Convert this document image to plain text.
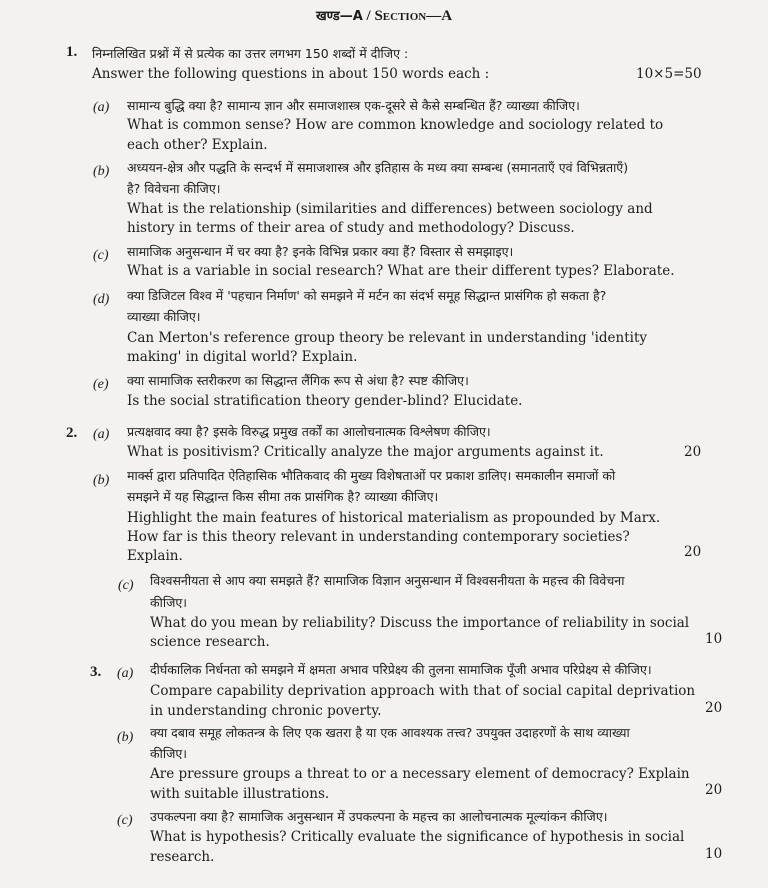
खण्ड—A / Section—A
1. निम्नलिखित प्रश्नों में से प्रत्येक का उत्तर लगभग 150 शब्दों में दीजिए :
Answer the following questions in about 150 words each :	10×5=50
(a) सामान्य बुद्धि क्या है? सामान्य ज्ञान और समाजशास्त्र एक-दूसरे से कैसे सम्बन्धित हैं? व्याख्या कीजिए।
What is common sense? How are common knowledge and sociology related to
each other? Explain.
(b) अध्ययन-क्षेत्र और पद्धति के सन्दर्भ में समाजशास्त्र और इतिहास के मध्य क्या सम्बन्ध (समानताएँ एवं विभिन्नताएँ)
है? विवेचना कीजिए।
What is the relationship (similarities and differences) between sociology and
history in terms of their area of study and methodology? Discuss.
(c) सामाजिक अनुसन्धान में चर क्या है? इनके विभिन्न प्रकार क्या हैं? विस्तार से समझाइए।
What is a variable in social research? What are their different types? Elaborate.
(d) क्या डिजिटल विश्व में 'पहचान निर्माण' को समझने में मर्टन का संदर्भ समूह सिद्धान्त प्रासंगिक हो सकता है?
व्याख्या कीजिए।
Can Merton's reference group theory be relevant in understanding 'identity
making' in digital world? Explain.
(e) क्या सामाजिक स्तरीकरण का सिद्धान्त लैंगिक रूप से अंधा है? स्पष्ट कीजिए।
Is the social stratification theory gender-blind? Elucidate.
2. (a) प्रत्यक्षवाद क्या है? इसके विरुद्ध प्रमुख तर्कों का आलोचनात्मक विश्लेषण कीजिए।
What is positivism? Critically analyze the major arguments against it.	20
(b) मार्क्स द्वारा प्रतिपादित ऐतिहासिक भौतिकवाद की मुख्य विशेषताओं पर प्रकाश डालिए। समकालीन समाजों को
समझने में यह सिद्धान्त किस सीमा तक प्रासंगिक है? व्याख्या कीजिए।
Highlight the main features of historical materialism as propounded by Marx.
How far is this theory relevant in understanding contemporary societies?
Explain.	20
(c) विश्वसनीयता से आप क्या समझते हैं? सामाजिक विज्ञान अनुसन्धान में विश्वसनीयता के महत्त्व की विवेचना
कीजिए।
What do you mean by reliability? Discuss the importance of reliability in social
science research.	10
3. (a) दीर्घकालिक निर्धनता को समझने में क्षमता अभाव परिप्रेक्ष्य की तुलना सामाजिक पूँजी अभाव परिप्रेक्ष्य से कीजिए।
Compare capability deprivation approach with that of social capital deprivation
in understanding chronic poverty.	20
(b) क्या दबाव समूह लोकतन्त्र के लिए एक खतरा है या एक आवश्यक तत्त्व? उपयुक्त उदाहरणों के साथ व्याख्या
कीजिए।
Are pressure groups a threat to or a necessary element of democracy? Explain
with suitable illustrations.	20
(c) उपकल्पना क्या है? सामाजिक अनुसन्धान में उपकल्पना के महत्त्व का आलोचनात्मक मूल्यांकन कीजिए।
What is hypothesis? Critically evaluate the significance of hypothesis in social
research.	10
